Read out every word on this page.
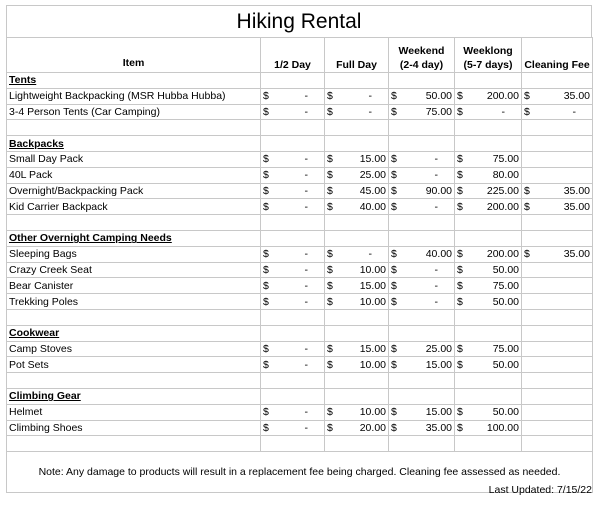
Hiking Rental
Item	1/2 Day	Full Day	Weekend (2-4 day)	Weeklong (5-7 days)	Cleaning Fee
Tents					
Lightweight Backpacking (MSR Hubba Hubba)	$ -	$ -	$ 50.00	$ 200.00	$ 35.00

3-4 Person Tents (Car Camping)	$ -	$ -	$ 75.00	$ -	$ -

Backpacks					
Small Day Pack	$ -	$ 15.00	$ -	$ 75.00	

40L Pack	$ -	$ 25.00	$ -	$ 80.00	

Overnight/Backpacking Pack	$ -	$ 45.00	$ 90.00	$ 225.00	$ 35.00

Kid Carrier Backpack	$ -	$ 40.00	$ -	$ 200.00	$ 35.00

Other Overnight Camping Needs					
Sleeping Bags	$ -	$ -	$ 40.00	$ 200.00	$ 35.00

Crazy Creek Seat	$ -	$ 10.00	$ -	$ 50.00	

Bear Canister	$ -	$ 15.00	$ -	$ 75.00	

Trekking Poles	$ -	$ 10.00	$ -	$ 50.00	

Cookwear					
Camp Stoves	$ -	$ 15.00	$ 25.00	$ 75.00	

Pot Sets	$ -	$ 10.00	$ 15.00	$ 50.00	

Climbing Gear					
Helmet	$ -	$ 10.00	$ 15.00	$ 50.00	

Climbing Shoes	$ -	$ 20.00	$ 35.00	$ 100.00	

Note: Any damage to products will result in a replacement fee being charged. Cleaning fee assessed as needed.					
Last Updated: 7/15/22
